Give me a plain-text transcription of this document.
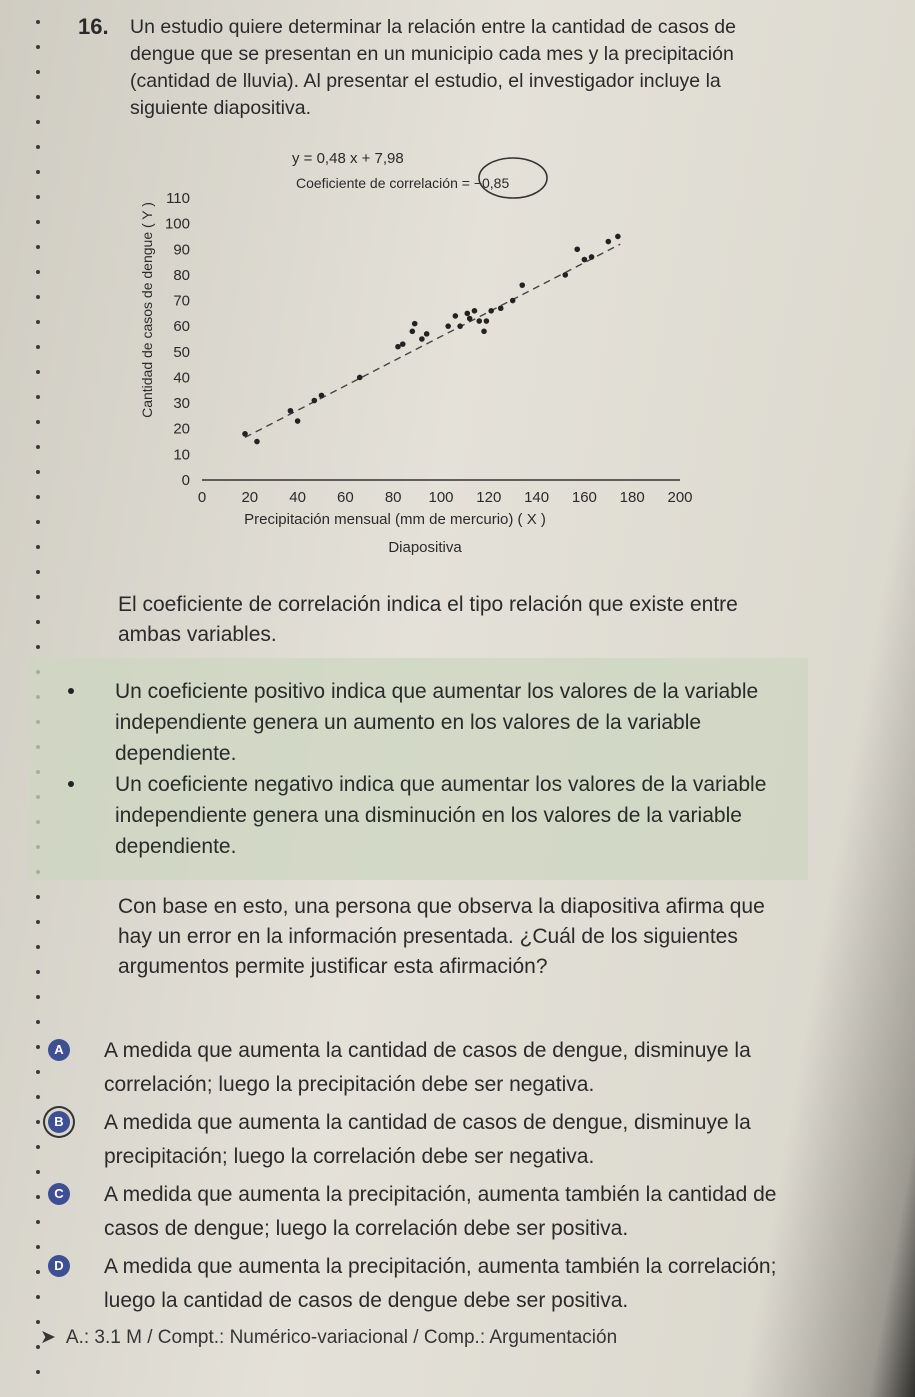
16. Un estudio quiere determinar la relación entre la cantidad de casos de dengue que se presentan en un municipio cada mes y la precipitación (cantidad de lluvia). Al presentar el estudio, el investigador incluye la siguiente diapositiva.
y = 0,48 x + 7,98
Coeficiente de correlación = −0,85
0 20 40 60 80 100 120 140 160 180 200
0
10
20
30
40
50
60
70
80
90
100
110
Cantidad de casos de dengue ( Y )
Precipitación mensual (mm de mercurio) ( X )
Diapositiva
El coeficiente de correlación indica el tipo relación que existe entre ambas variables.
Un coeficiente positivo indica que aumentar los valores de la variable independiente genera un aumento en los valores de la variable dependiente.
Un coeficiente negativo indica que aumentar los valores de la variable independiente genera una disminución en los valores de la variable dependiente.
Con base en esto, una persona que observa la diapositiva afirma que hay un error en la información presentada. ¿Cuál de los siguientes argumentos permite justificar esta afirmación?
A	A medida que aumenta la cantidad de casos de dengue, disminuye la correlación; luego la precipitación debe ser negativa.
B	A medida que aumenta la cantidad de casos de dengue, disminuye la precipitación; luego la correlación debe ser negativa.
C	A medida que aumenta la precipitación, aumenta también la cantidad de casos de dengue; luego la correlación debe ser positiva.
D	A medida que aumenta la precipitación, aumenta también la correlación; luego la cantidad de casos de dengue debe ser positiva.
➤ A.: 3.1 M / Compt.: Numérico-variacional / Comp.: Argumentación
